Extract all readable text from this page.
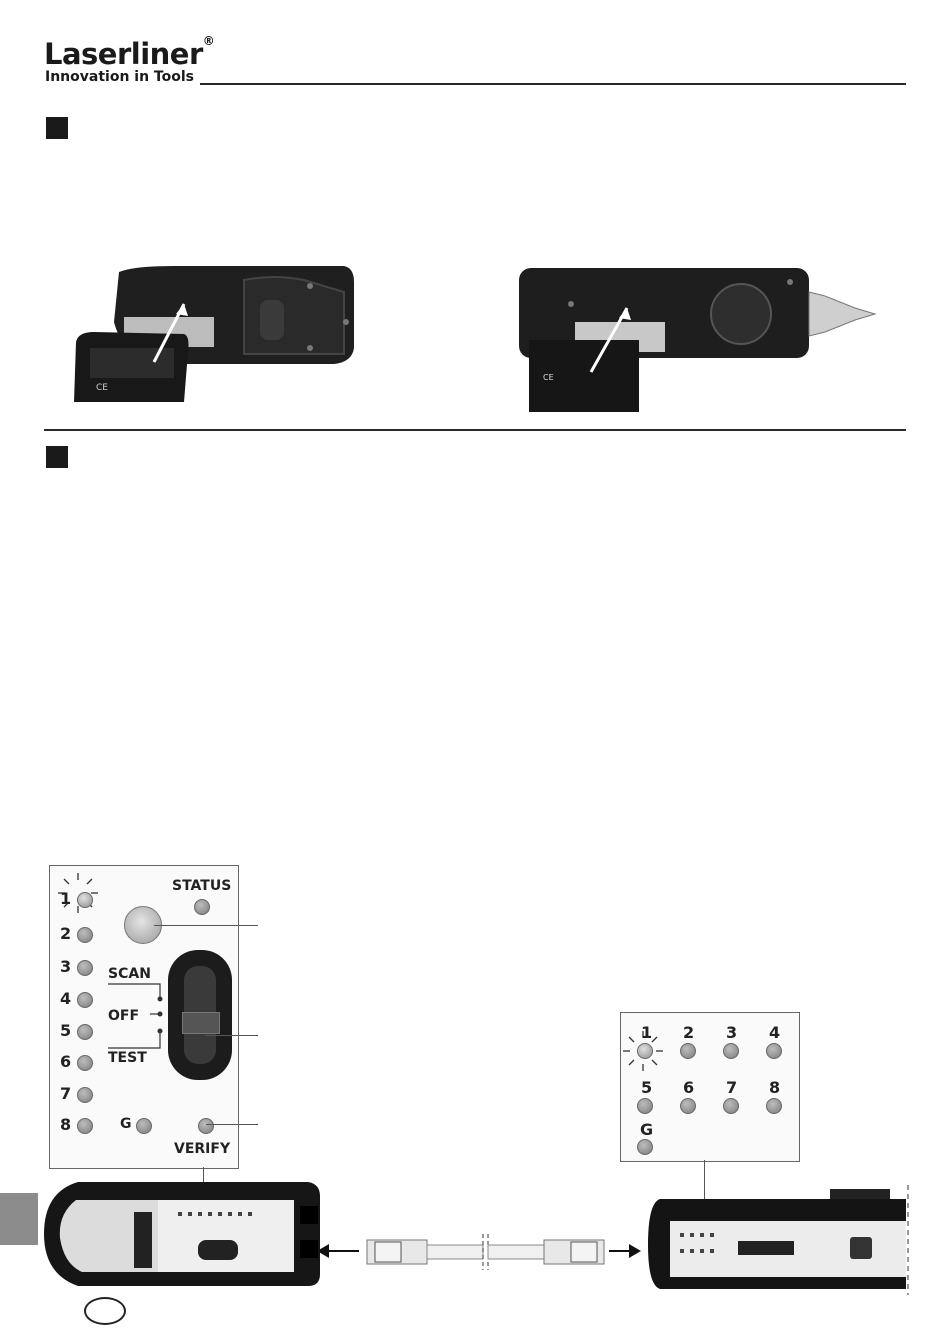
Laserliner®
Innovation in Tools
CE
CE
1
2
3
4
5
6
7
8
STATUS
SCAN
OFF
TEST
G
VERIFY
1 2 3 4
5 6 7 8
G
